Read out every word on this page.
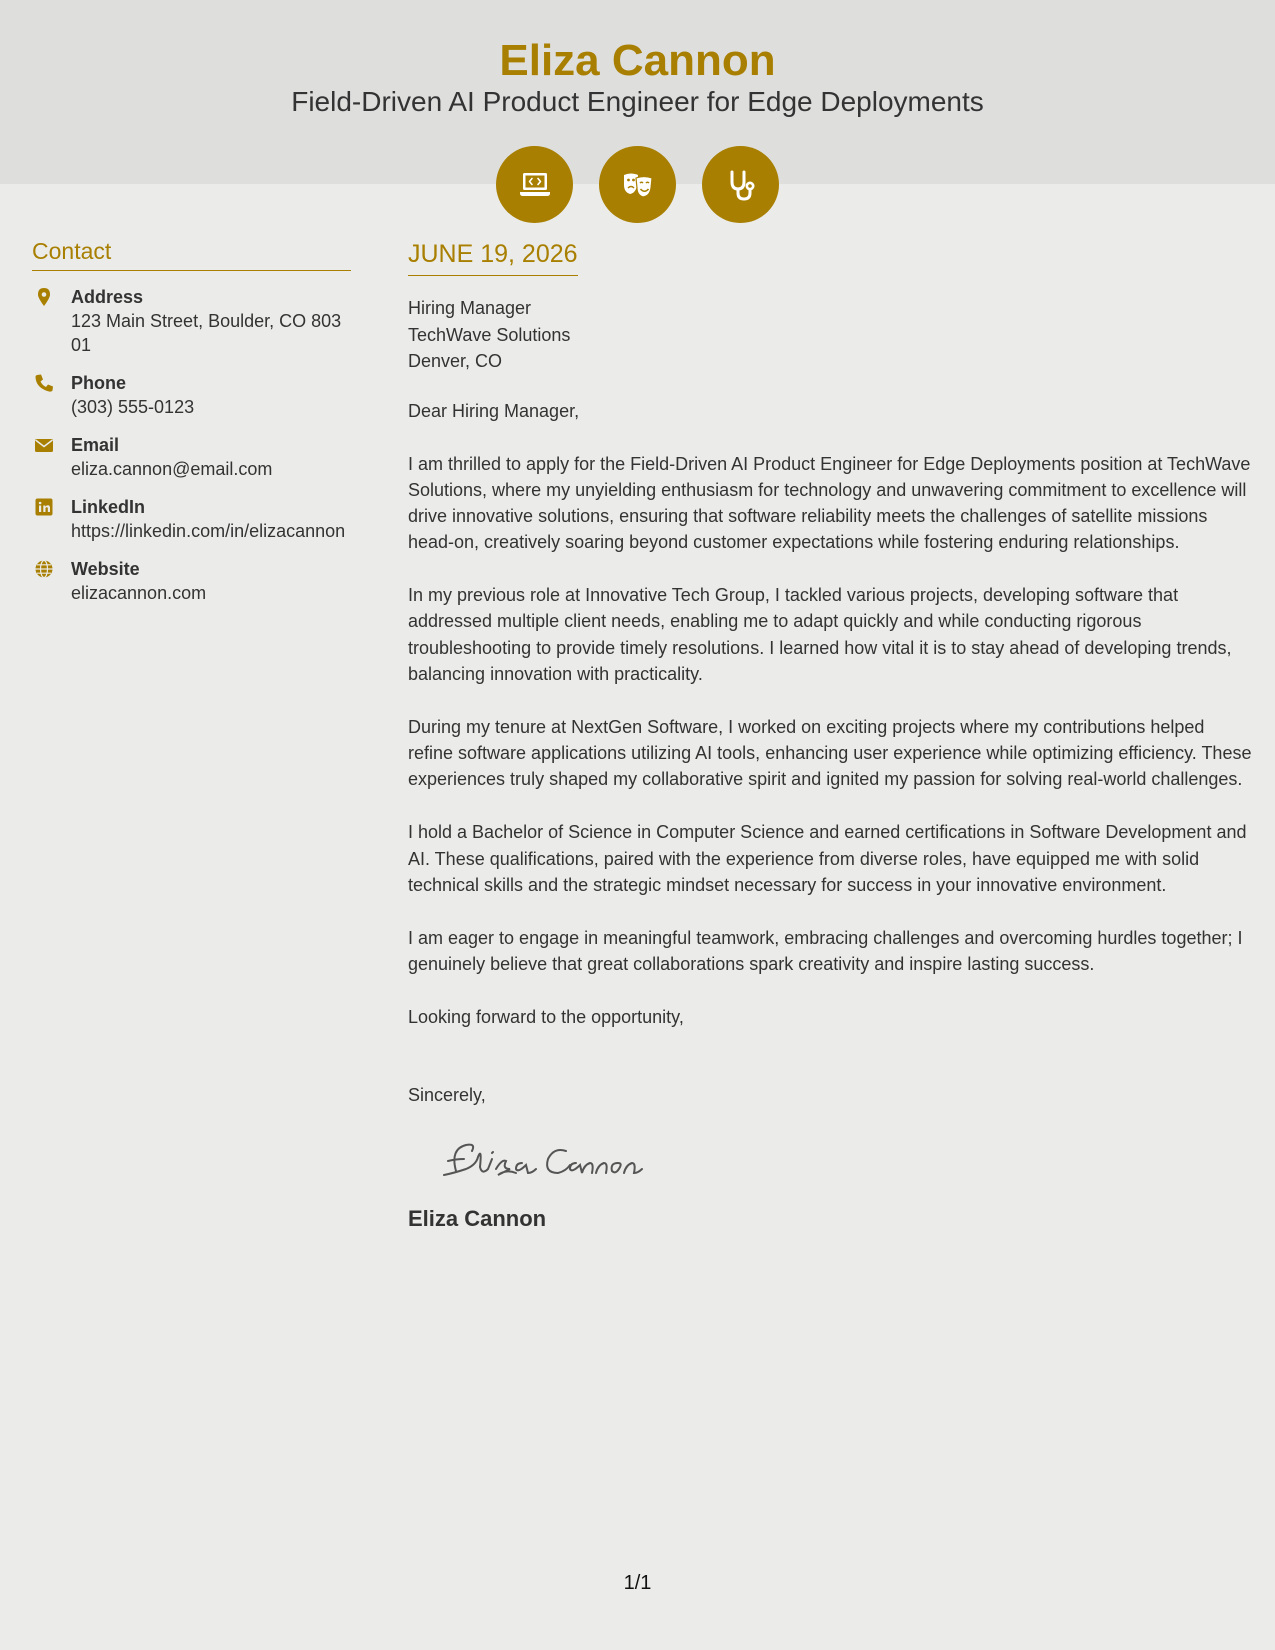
Eliza Cannon
Field-Driven AI Product Engineer for Edge Deployments
Contact
Address
123 Main Street, Boulder, CO 80301
Phone
(303) 555-0123
Email
eliza.cannon@email.com
LinkedIn
https://linkedin.com/in/elizacannon
Website
elizacannon.com
JUNE 19, 2026
Hiring Manager
TechWave Solutions
Denver, CO
Dear Hiring Manager,

I am thrilled to apply for the Field-Driven AI Product Engineer for Edge Deployments position at TechWave Solutions, where my unyielding enthusiasm for technology and unwavering commitment to excellence will drive innovative solutions, ensuring that software reliability meets the challenges of satellite missions head-on, creatively soaring beyond customer expectations while fostering enduring relationships.

In my previous role at Innovative Tech Group, I tackled various projects, developing software that addressed multiple client needs, enabling me to adapt quickly and while conducting rigorous troubleshooting to provide timely resolutions. I learned how vital it is to stay ahead of developing trends, balancing innovation with practicality.

During my tenure at NextGen Software, I worked on exciting projects where my contributions helped refine software applications utilizing AI tools, enhancing user experience while optimizing efficiency. These experiences truly shaped my collaborative spirit and ignited my passion for solving real-world challenges.

I hold a Bachelor of Science in Computer Science and earned certifications in Software Development and AI. These qualifications, paired with the experience from diverse roles, have equipped me with solid technical skills and the strategic mindset necessary for success in your innovative environment.

I am eager to engage in meaningful teamwork, embracing challenges and overcoming hurdles together; I genuinely believe that great collaborations spark creativity and inspire lasting success.

Looking forward to the opportunity,

Sincerely,
Eliza Cannon
1/1
